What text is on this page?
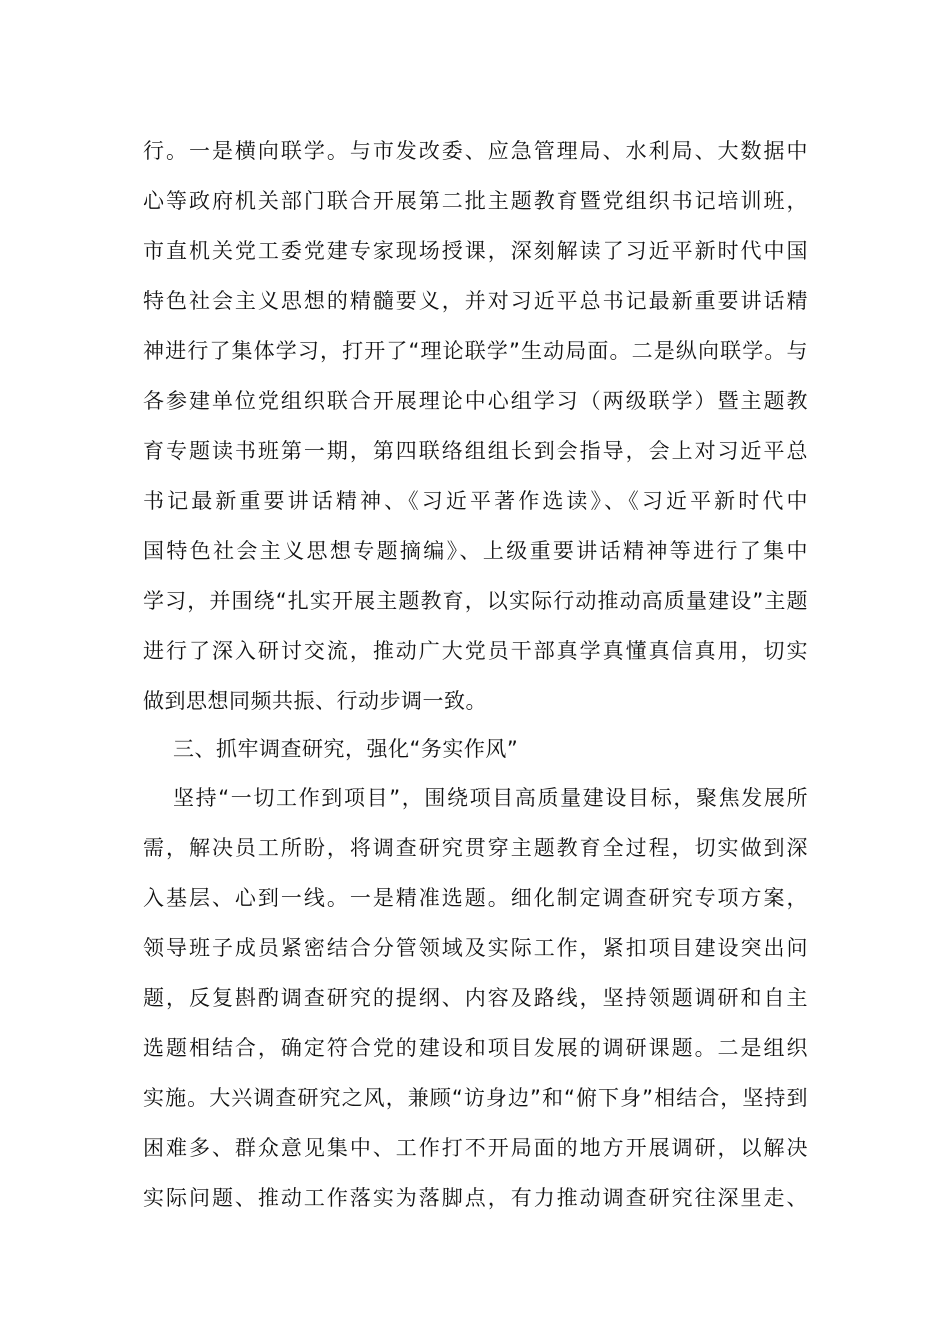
行。一是横向联学。与市发改委、应急管理局、水利局、大数据中
心等政府机关部门联合开展第二批主题教育暨党组织书记培训班，
市直机关党工委党建专家现场授课，深刻解读了习近平新时代中国
特色社会主义思想的精髓要义，并对习近平总书记最新重要讲话精
神进行了集体学习，打开了“理论联学”生动局面。二是纵向联学。与
各参建单位党组织联合开展理论中心组学习（两级联学）暨主题教
育专题读书班第一期，第四联络组组长到会指导，会上对习近平总
书记最新重要讲话精神、《习近平著作选读》、《习近平新时代中
国特色社会主义思想专题摘编》、上级重要讲话精神等进行了集中
学习，并围绕“扎实开展主题教育，以实际行动推动高质量建设”主题
进行了深入研讨交流，推动广大党员干部真学真懂真信真用，切实
做到思想同频共振、行动步调一致。
三、抓牢调查研究，强化“务实作风”
坚持“一切工作到项目”，围绕项目高质量建设目标，聚焦发展所
需，解决员工所盼，将调查研究贯穿主题教育全过程，切实做到深
入基层、心到一线。一是精准选题。细化制定调查研究专项方案，
领导班子成员紧密结合分管领域及实际工作，紧扣项目建设突出问
题，反复斟酌调查研究的提纲、内容及路线，坚持领题调研和自主
选题相结合，确定符合党的建设和项目发展的调研课题。二是组织
实施。大兴调查研究之风，兼顾“访身边”和“俯下身”相结合，坚持到
困难多、群众意见集中、工作打不开局面的地方开展调研，以解决
实际问题、推动工作落实为落脚点，有力推动调查研究往深里走、
